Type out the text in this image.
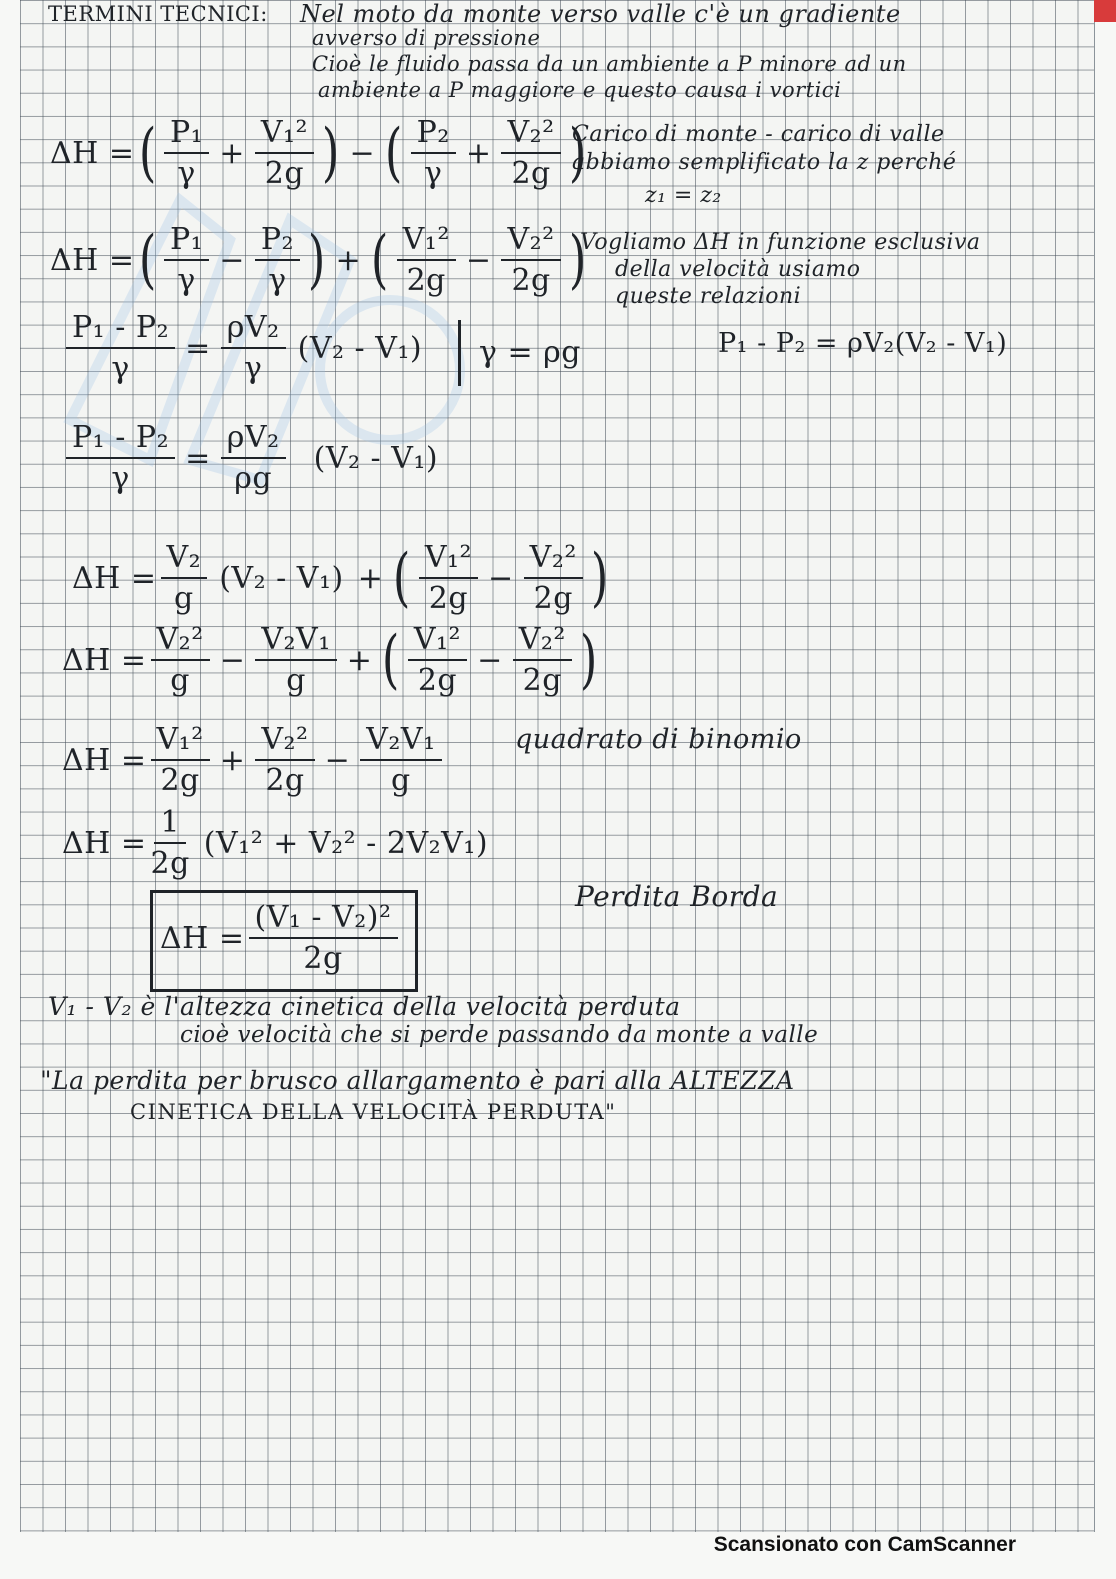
TERMINI TECNICI: Nel moto da monte verso valle c'è un gradiente
avverso di pressione
Cioè le fluido passa da un ambiente a P minore ad un
ambiente a P maggiore e questo causa i vortici
ΔH = ( $\frac{\text{P₁}}{\gamma} + \frac{\text{V₁²}}{2g}$ ) − ( $\frac{\text{P₂}}{\gamma} + \frac{\text{V₂²}}{2g}$ )
Carico di monte - carico di valle
abbiamo semplificato la z perché
z₁ = z₂
ΔH = ( $\frac{\text{P₁}}{\gamma} - \frac{\text{P₂}}{\gamma}$ ) + ( $\frac{\text{V₁²}}{2g} - \frac{\text{V₂²}}{2g}$ )
Vogliamo ΔH in funzione esclusiva
della velocità usiamo
queste relazioni
$\frac{\text{P₁ - P₂}}{\gamma} = \frac{\text{ρV₂}}{\gamma} (V_2 - V_1)$	γ = ρg	P₁ - P₂ = ρV₂(V₂ - V₁)
$\frac{\text{P₁ - P₂}}{\gamma} = \frac{\text{ρV₂}}{\rho g} (V_2 - V_1)$
$\Delta H = \frac{\text{V₂}}{g} (V_2 - V_1)$ + ( $\frac{\text{V₁²}}{2g} - \frac{\text{V₂²}}{2g}$ )
$\Delta H = \frac{\text{V₂²}}{g} - \frac{\text{V₂V₁}}{g}$ + ( $\frac{\text{V₁²}}{2g} - \frac{\text{V₂²}}{2g}$ )
$\Delta H = \frac{\text{V₁²}}{2g} + \frac{\text{V₂²}}{2g} - \frac{\text{V₂V₁}}{g}$	quadrato di binomio
$\Delta H = \frac{1}{2g} (V_1^2 + V_2^2 - 2V_2V_1)$
$\Delta H = \frac{\text{(V₁ - V₂)²}}{2g}$
Perdita Borda
V₁ - V₂ è l'altezza cinetica della velocità perduta
cioè velocità che si perde passando da monte a valle
"La perdita per brusco allargamento è pari alla ALTEZZA
CINETICA DELLA VELOCITÀ PERDUTA"
Scansionato con CamScanner
